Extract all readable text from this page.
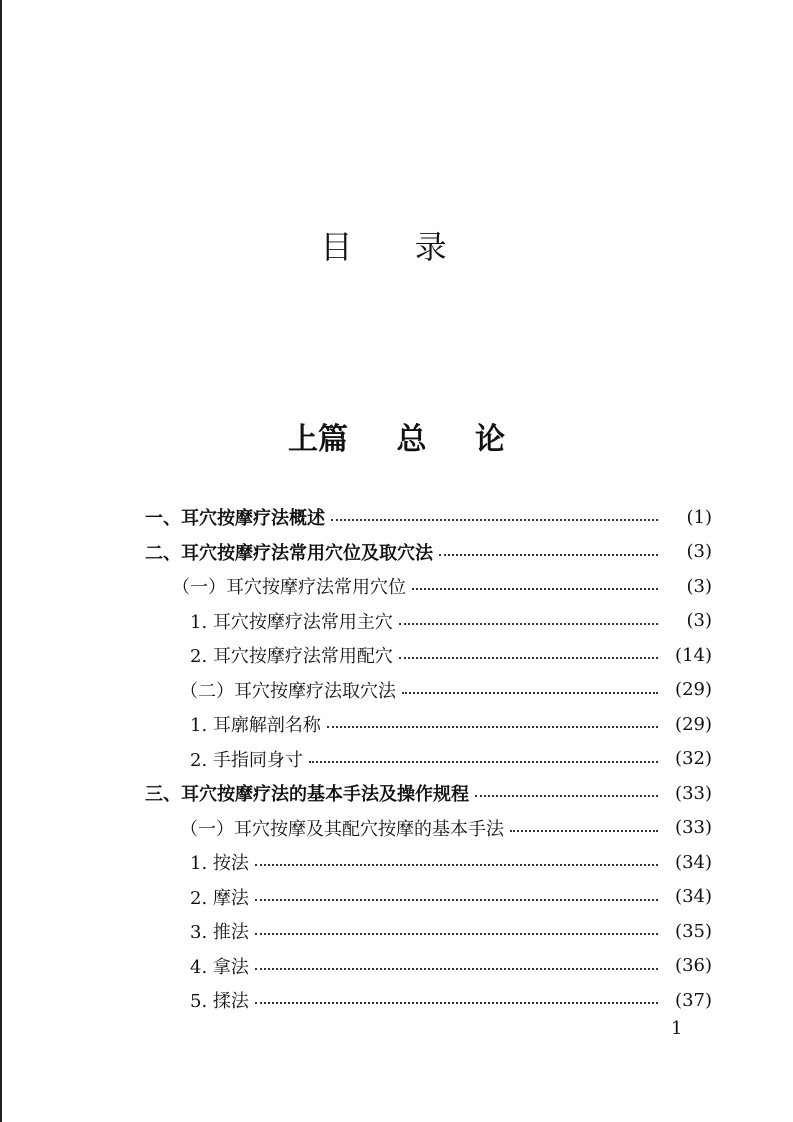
目 录
上篇 总 论
一、耳穴按摩疗法概述	(1)
二、耳穴按摩疗法常用穴位及取穴法	(3)
（一）耳穴按摩疗法常用穴位	(3)
1. 耳穴按摩疗法常用主穴	(3)
2. 耳穴按摩疗法常用配穴	(14)
（二）耳穴按摩疗法取穴法	(29)
1. 耳廓解剖名称	(29)
2. 手指同身寸	(32)
三、耳穴按摩疗法的基本手法及操作规程	(33)
（一）耳穴按摩及其配穴按摩的基本手法	(33)
1. 按法	(34)
2. 摩法	(34)
3. 推法	(35)
4. 拿法	(36)
5. 揉法	(37)
1
